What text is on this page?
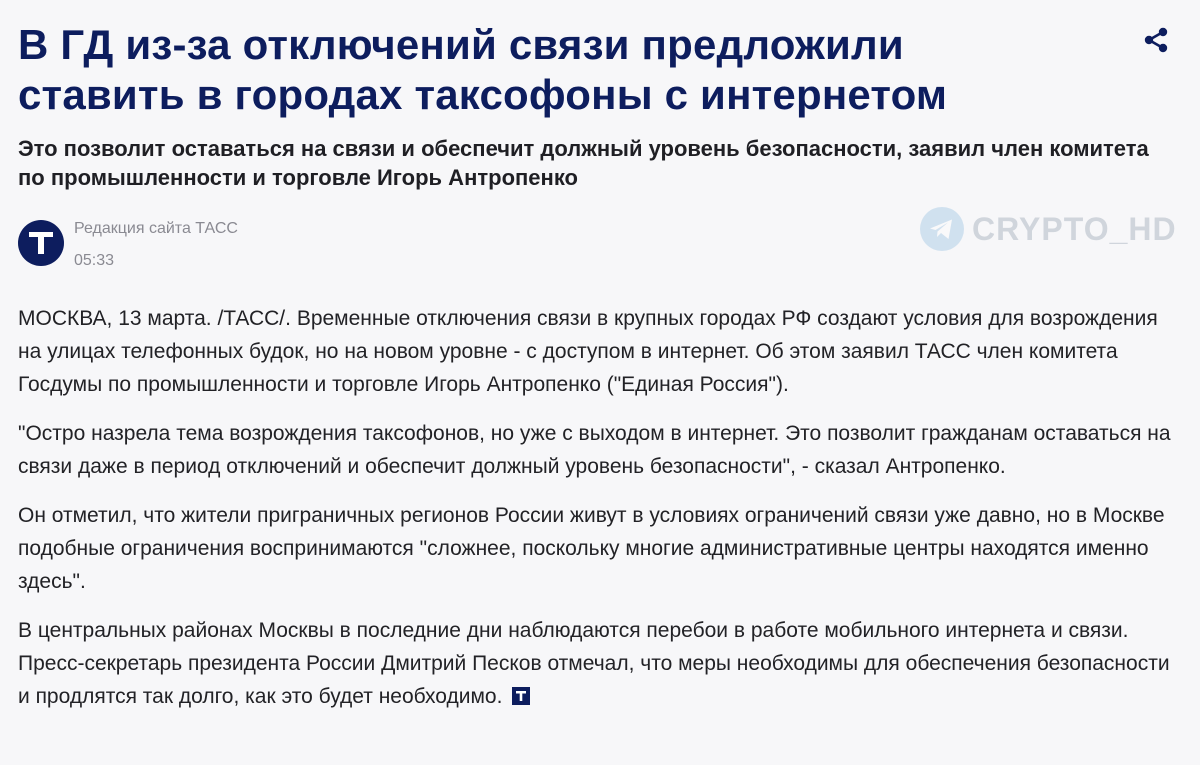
В ГД из-за отключений связи предложили ставить в городах таксофоны с интернетом

Это позволит оставаться на связи и обеспечит должный уровень безопасности, заявил член комитета по промышленности и торговле Игорь Антропенко

Редакция сайта ТАСС
05:33
CRYPTO_HD

МОСКВА, 13 марта. /ТАСС/. Временные отключения связи в крупных городах РФ создают условия для возрождения на улицах телефонных будок, но на новом уровне - с доступом в интернет. Об этом заявил ТАСС член комитета Госдумы по промышленности и торговле Игорь Антропенко ("Единая Россия").

"Остро назрела тема возрождения таксофонов, но уже с выходом в интернет. Это позволит гражданам оставаться на связи даже в период отключений и обеспечит должный уровень безопасности", - сказал Антропенко.

Он отметил, что жители приграничных регионов России живут в условиях ограничений связи уже давно, но в Москве подобные ограничения воспринимаются "сложнее, поскольку многие административные центры находятся именно здесь".

В центральных районах Москвы в последние дни наблюдаются перебои в работе мобильного интернета и связи. Пресс-секретарь президента России Дмитрий Песков отмечал, что меры необходимы для обеспечения безопасности и продлятся так долго, как это будет необходимо.
